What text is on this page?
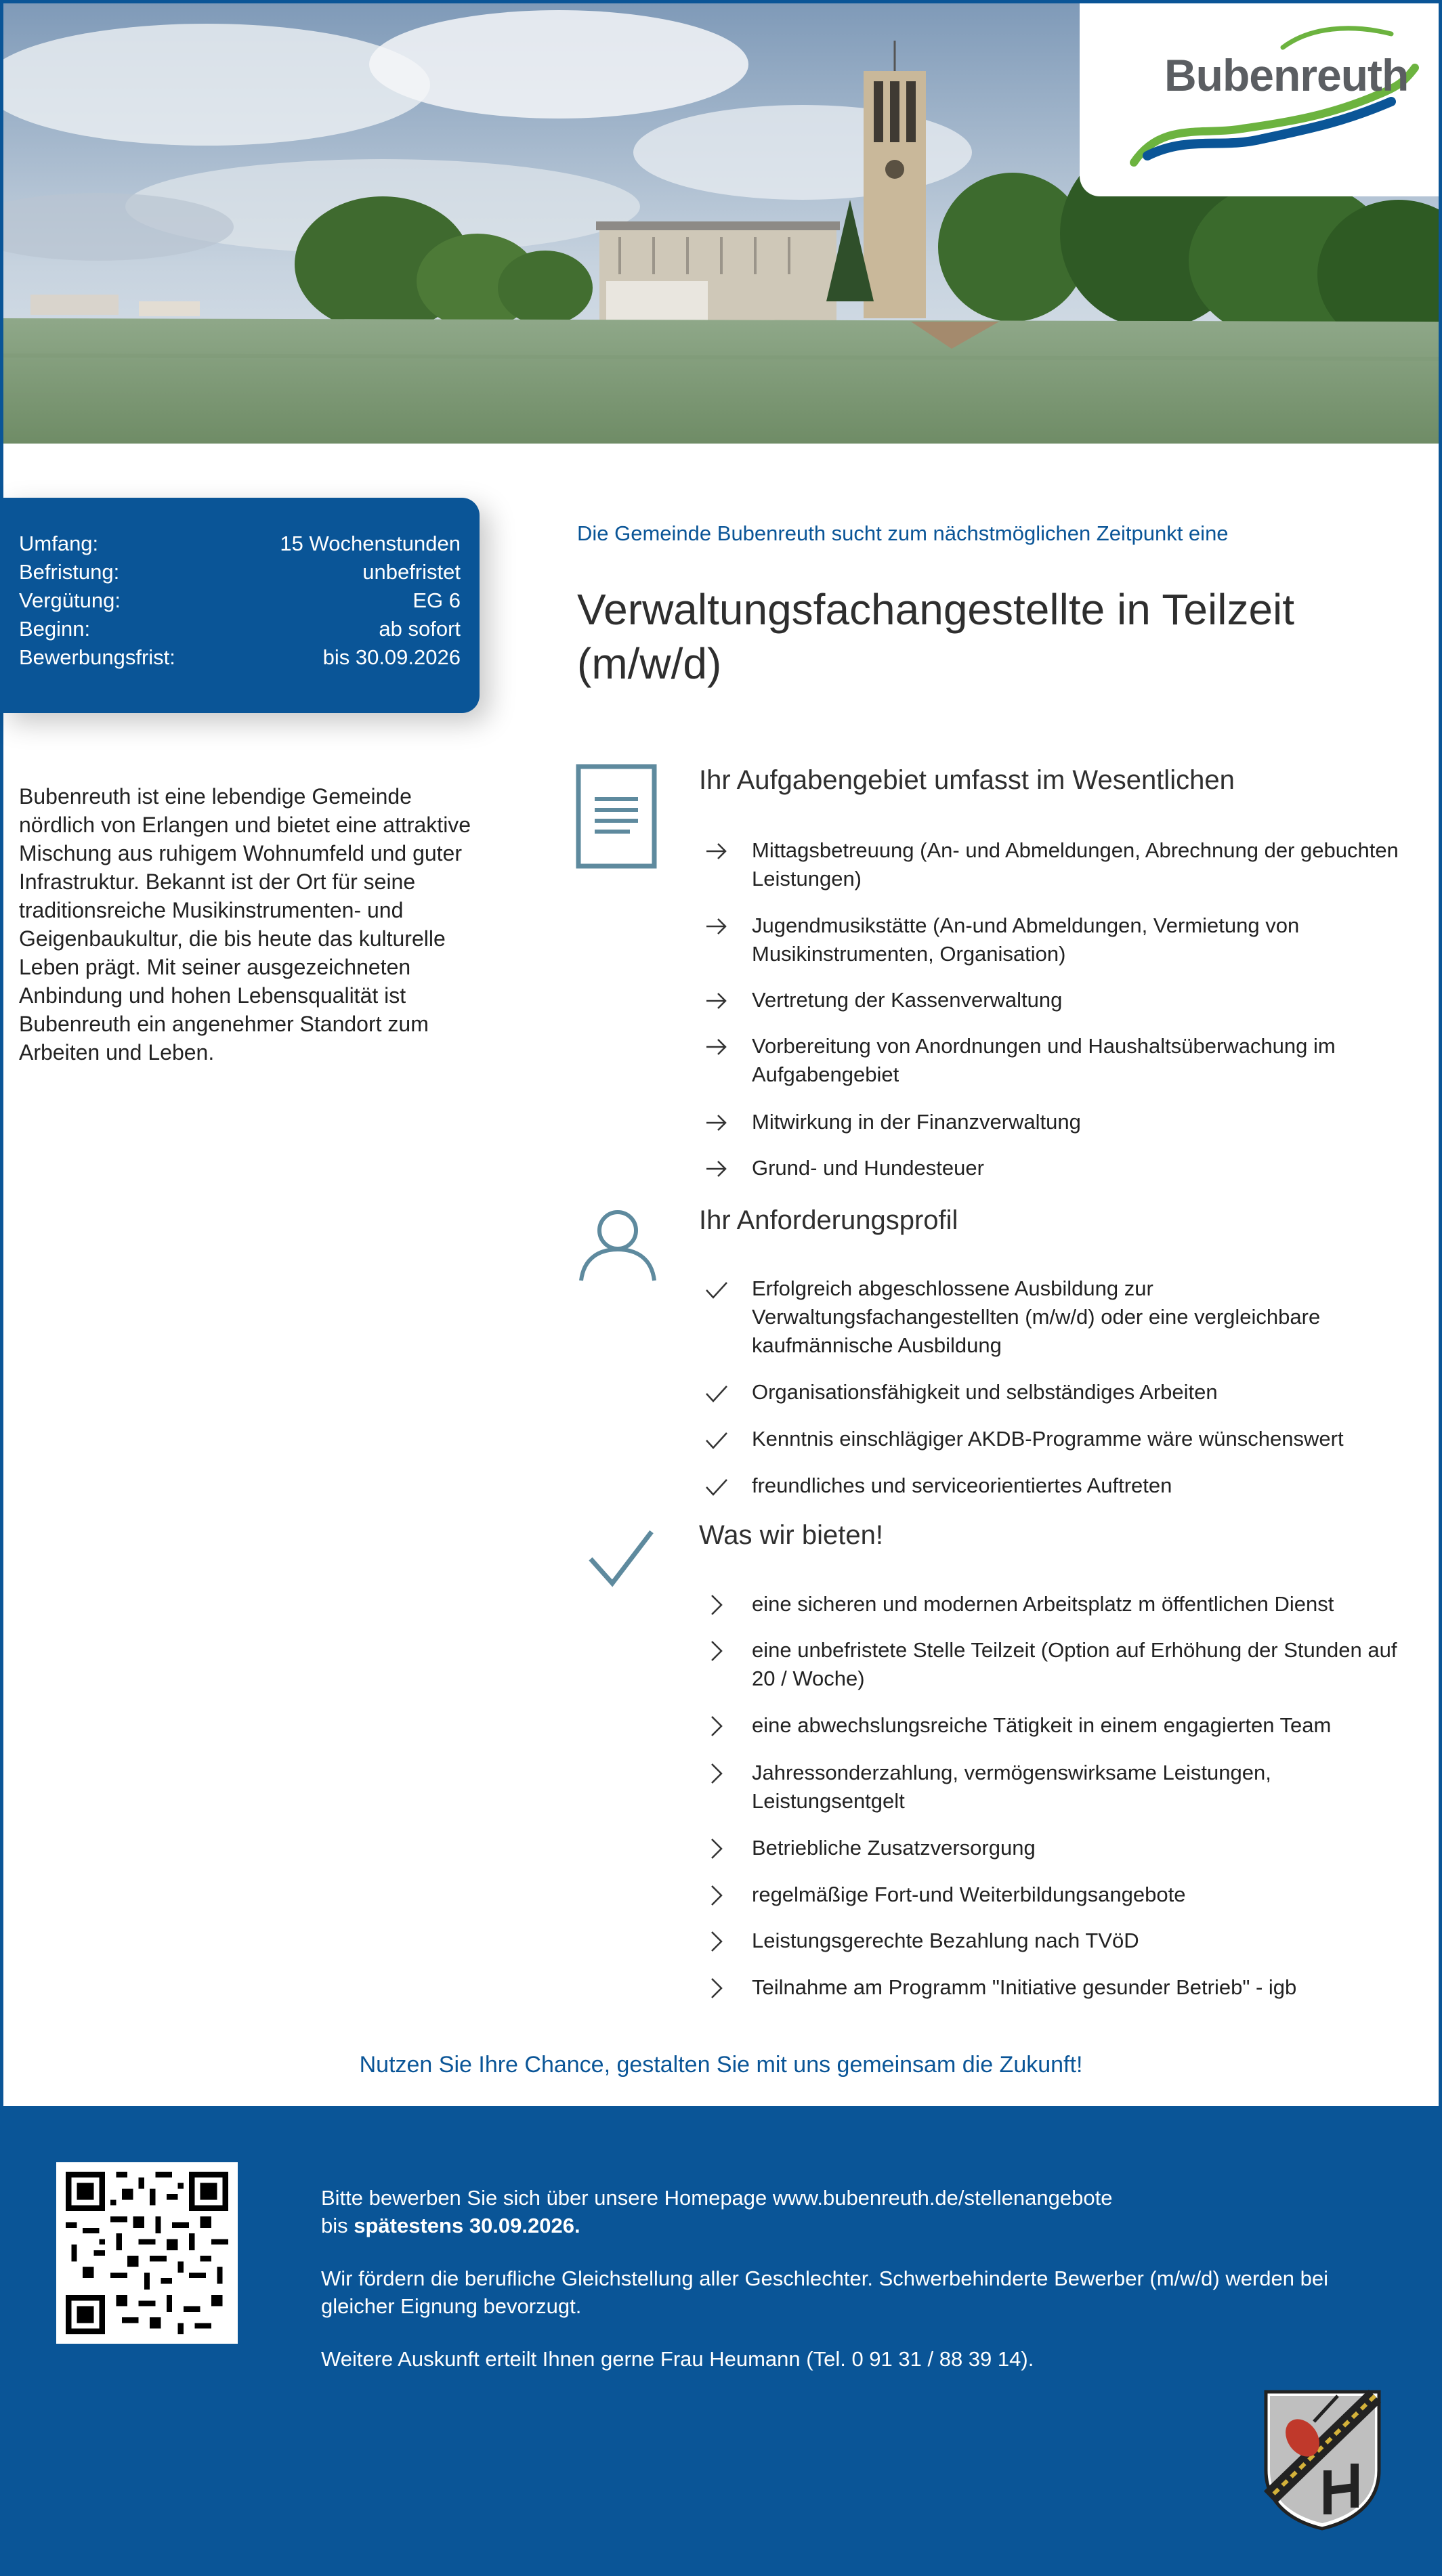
Bubenreuth
Umfang:	15 Wochenstunden
Befristung:	unbefristet
Vergütung:	EG 6
Beginn:	ab sofort
Bewerbungsfrist:	bis 30.09.2026
Bubenreuth ist eine lebendige Gemeinde nördlich von Erlangen und bietet eine attraktive Mischung aus ruhigem Wohnumfeld und guter Infrastruktur. Bekannt ist der Ort für seine traditionsreiche Musikinstrumenten- und Geigenbaukultur, die bis heute das kulturelle Leben prägt. Mit seiner ausgezeichneten Anbindung und hohen Lebensqualität ist Bubenreuth ein angenehmer Standort zum Arbeiten und Leben.
Die Gemeinde Bubenreuth sucht zum nächstmöglichen Zeitpunkt eine
Verwaltungsfachangestellte in Teilzeit
(m/w/d)
Ihr Aufgabengebiet umfasst im Wesentlichen
Mittagsbetreuung (An- und Abmeldungen, Abrechnung der gebuchten Leistungen)
Jugendmusikstätte (An-und Abmeldungen, Vermietung von Musikinstrumenten, Organisation)
Vertretung der Kassenverwaltung
Vorbereitung von Anordnungen und Haushaltsüberwachung im Aufgabengebiet
Mitwirkung in der Finanzverwaltung
Grund- und Hundesteuer
Ihr Anforderungsprofil
Erfolgreich abgeschlossene Ausbildung zur Verwaltungsfachangestellten (m/w/d) oder eine vergleichbare kaufmännische Ausbildung
Organisationsfähigkeit und selbständiges Arbeiten
Kenntnis einschlägiger AKDB-Programme wäre wünschenswert
freundliches und serviceorientiertes Auftreten
Was wir bieten!
eine sicheren und modernen Arbeitsplatz m öffentlichen Dienst
eine unbefristete Stelle Teilzeit (Option auf Erhöhung der Stunden auf 20 / Woche)
eine abwechslungsreiche Tätigkeit in einem engagierten Team
Jahressonderzahlung, vermögenswirksame Leistungen, Leistungsentgelt
Betriebliche Zusatzversorgung
regelmäßige Fort-und Weiterbildungsangebote
Leistungsgerechte Bezahlung nach TVöD
Teilnahme am Programm "Initiative gesunder Betrieb" - igb
Nutzen Sie Ihre Chance, gestalten Sie mit uns gemeinsam die Zukunft!
Bitte bewerben Sie sich über unsere Homepage www.bubenreuth.de/stellenangebote
bis spätestens 30.09.2026.
Wir fördern die berufliche Gleichstellung aller Geschlechter. Schwerbehinderte Bewerber (m/w/d) werden bei
gleicher Eignung bevorzugt.
Weitere Auskunft erteilt Ihnen gerne Frau Heumann (Tel. 0 91 31 / 88 39 14).
